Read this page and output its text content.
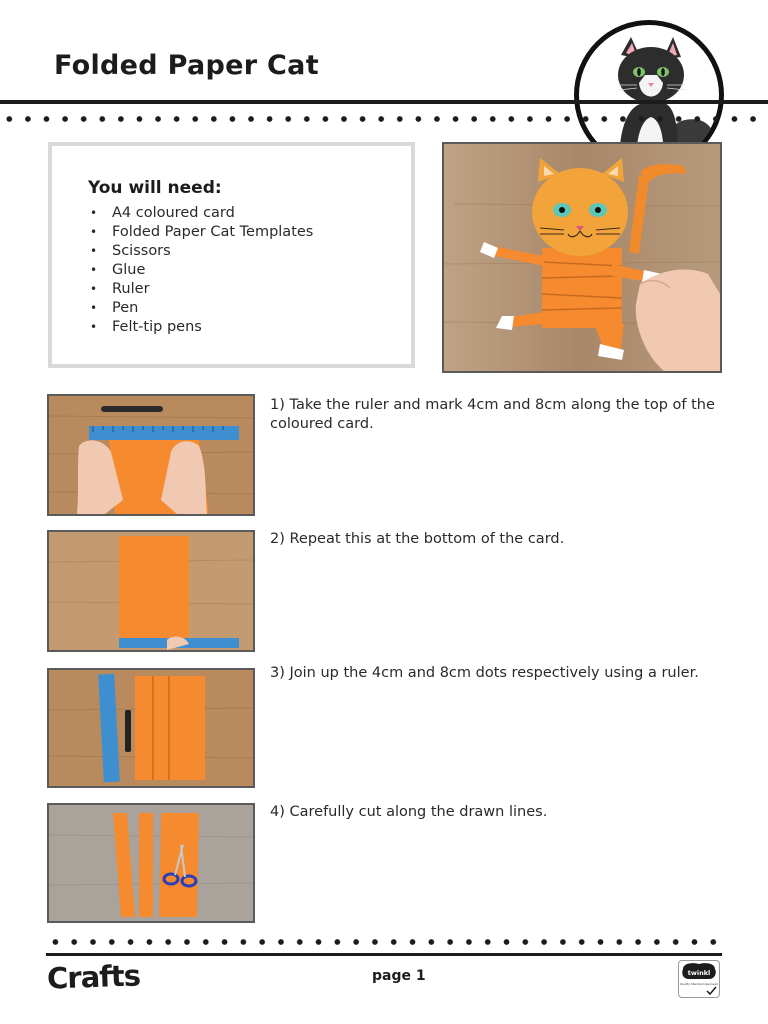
Folded Paper Cat
You will need:
• A4 coloured card
• Folded Paper Cat Templates
• Scissors
• Glue
• Ruler
• Pen
• Felt-tip pens

1) Take the ruler and mark 4cm and 8cm along the top of the coloured card.

2) Repeat this at the bottom of the card.

3) Join up the 4cm and 8cm dots respectively using a ruler.

4) Carefully cut along the drawn lines.

Crafts	page 1	twinkl
Quality Standard Approved
